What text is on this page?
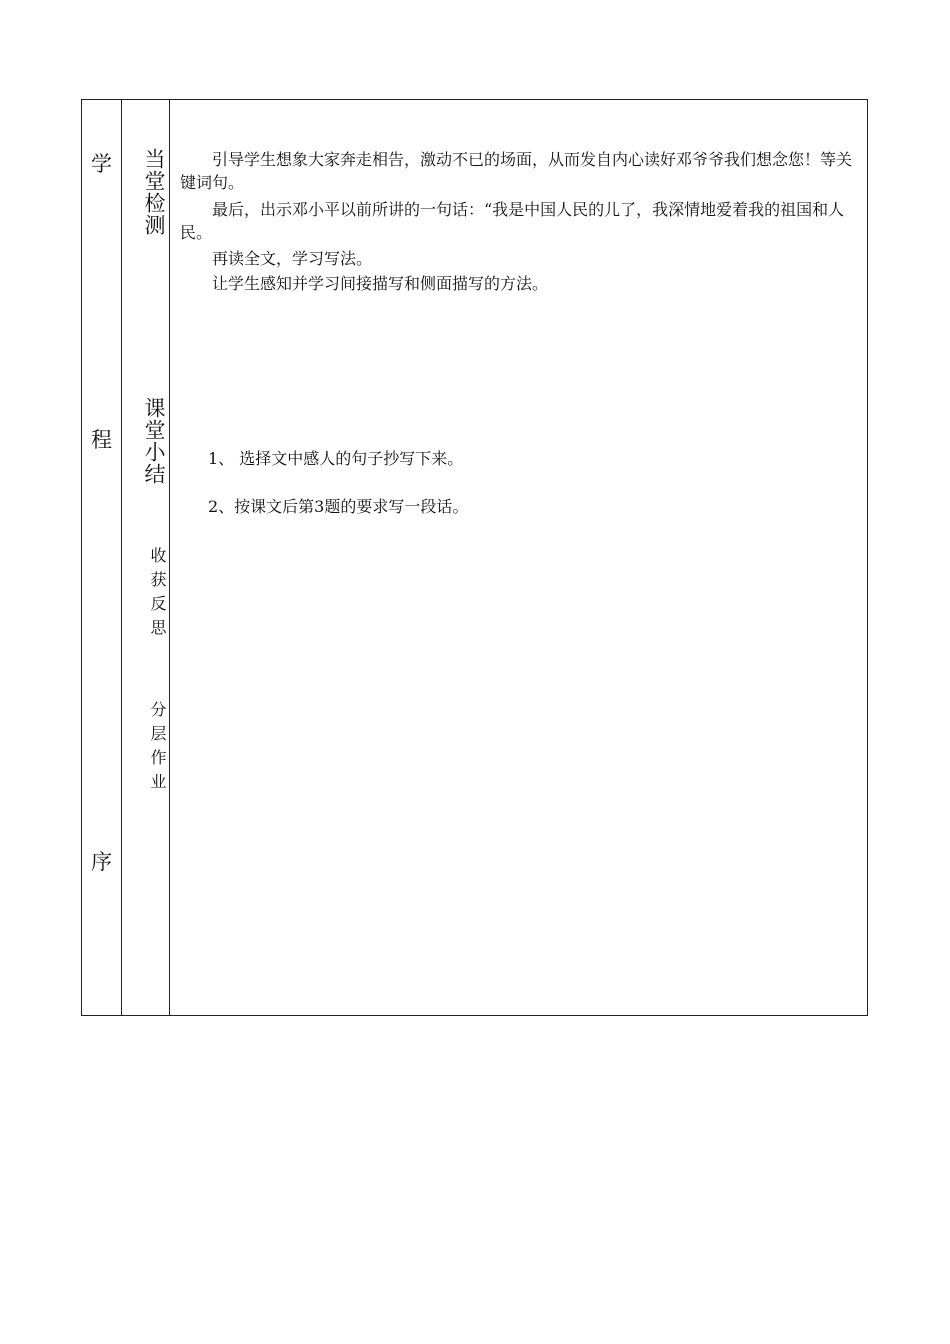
学
程
序
当堂检测
课堂小结
收获反思
分层作业

引导学生想象大家奔走相告，激动不已的场面，从而发自内心读好邓爷爷我们想念您！等关键词句。

最后，出示邓小平以前所讲的一句话：“我是中国人民的儿了，我深情地爱着我的祖国和人民。

再读全文，学习写法。

让学生感知并学习间接描写和侧面描写的方法。

1、 选择文中感人的句子抄写下来。

2、按课文后第3题的要求写一段话。
